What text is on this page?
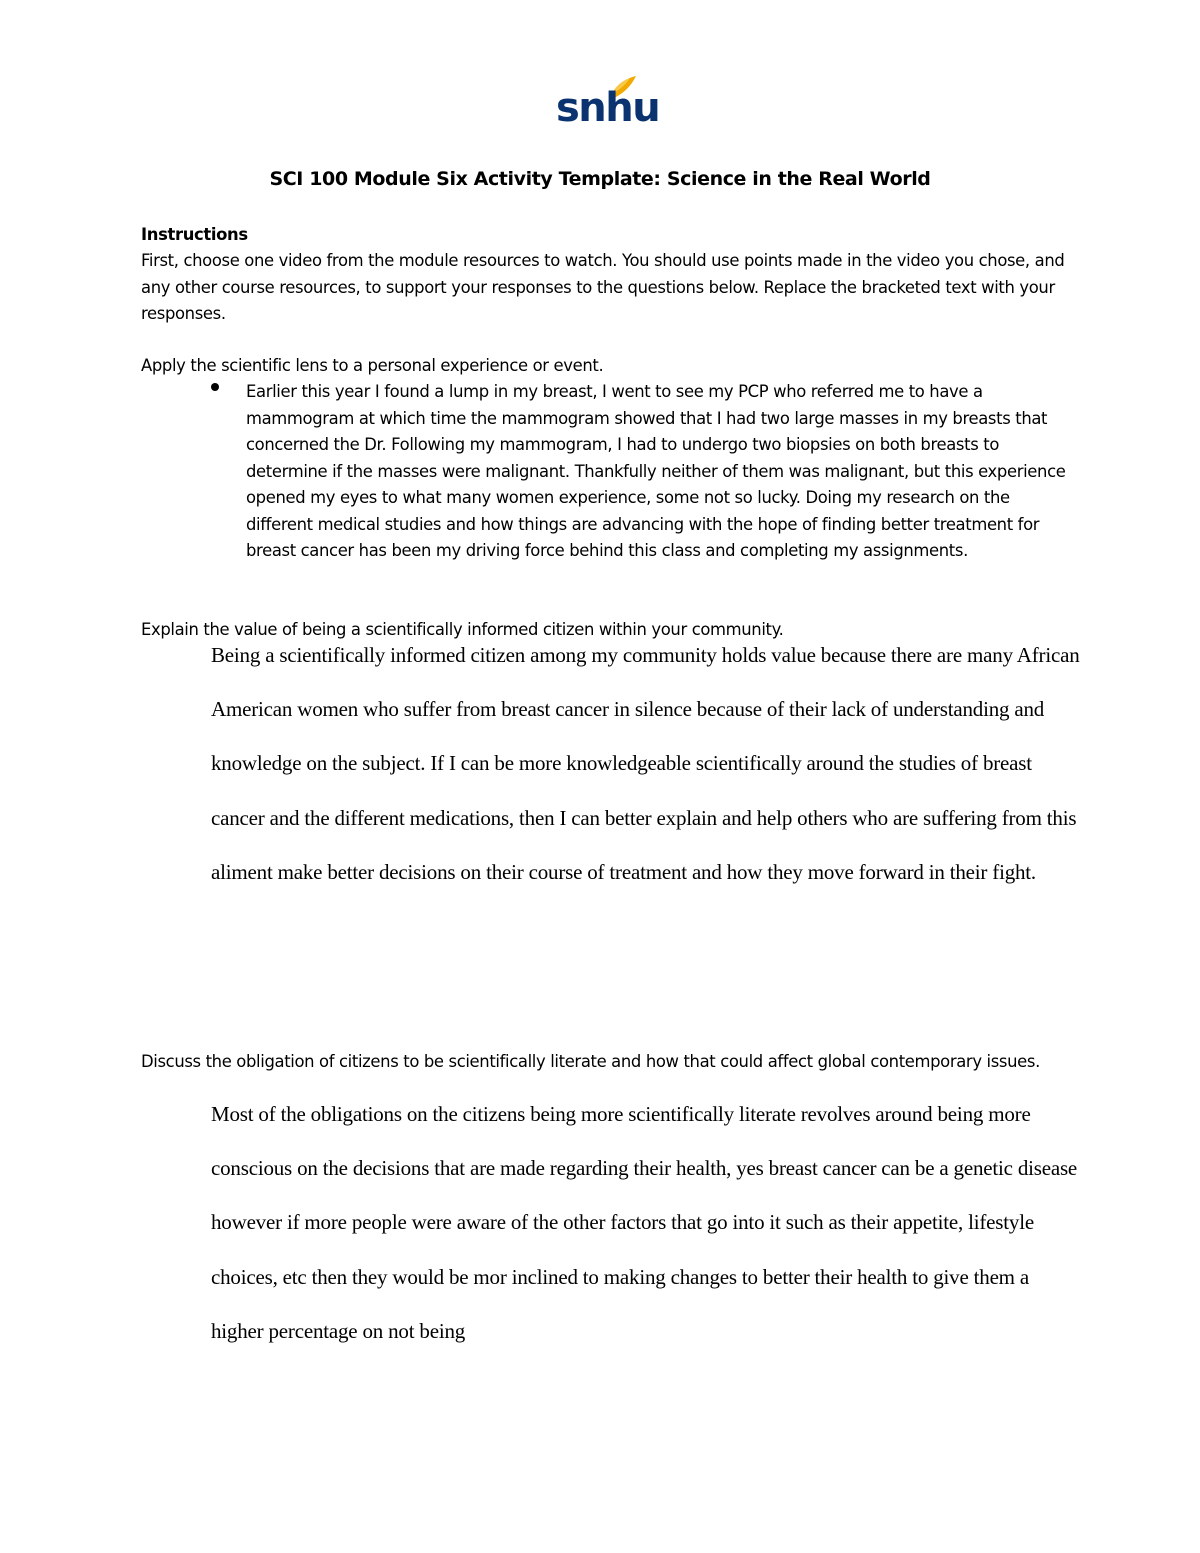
snhu
SCI 100 Module Six Activity Template: Science in the Real World
Instructions
First, choose one video from the module resources to watch. You should use points made in the video you chose, and any other course resources, to support your responses to the questions below. Replace the bracketed text with your responses.
Apply the scientific lens to a personal experience or event.
Earlier this year I found a lump in my breast, I went to see my PCP who referred me to have a mammogram at which time the mammogram showed that I had two large masses in my breasts that concerned the Dr. Following my mammogram, I had to undergo two biopsies on both breasts to determine if the masses were malignant. Thankfully neither of them was malignant, but this experience opened my eyes to what many women experience, some not so lucky. Doing my research on the different medical studies and how things are advancing with the hope of finding better treatment for breast cancer has been my driving force behind this class and completing my assignments.
Explain the value of being a scientifically informed citizen within your community.
Being a scientifically informed citizen among my community holds value because there are many African American women who suffer from breast cancer in silence because of their lack of understanding and knowledge on the subject. If I can be more knowledgeable scientifically around the studies of breast cancer and the different medications, then I can better explain and help others who are suffering from this aliment make better decisions on their course of treatment and how they move forward in their fight.
Discuss the obligation of citizens to be scientifically literate and how that could affect global contemporary issues.
Most of the obligations on the citizens being more scientifically literate revolves around being more conscious on the decisions that are made regarding their health, yes breast cancer can be a genetic disease however if more people were aware of the other factors that go into it such as their appetite, lifestyle choices, etc then they would be mor inclined to making changes to better their health to give them a higher percentage on not being
